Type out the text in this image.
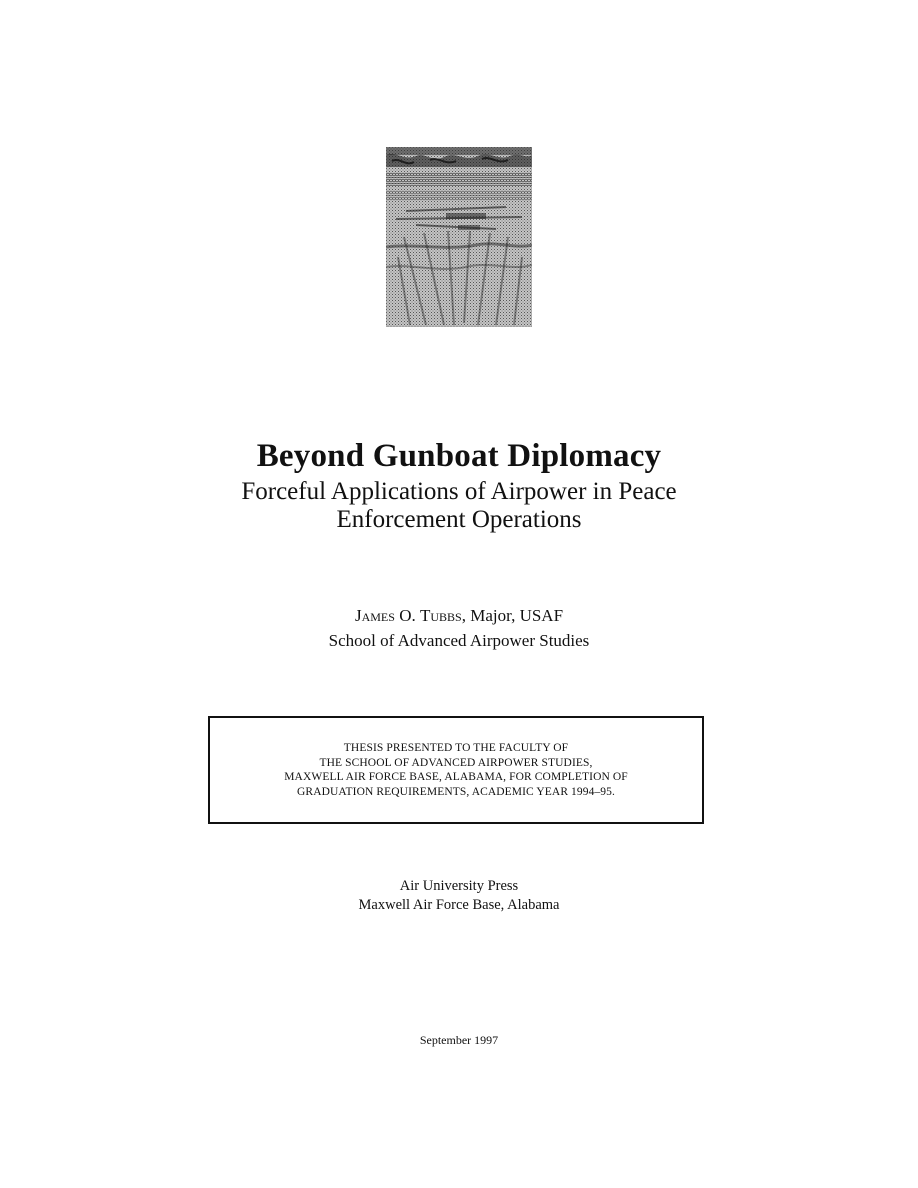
Beyond Gunboat Diplomacy
Forceful Applications of Airpower in Peace
Enforcement Operations
James O. Tubbs, Major, USAF
School of Advanced Airpower Studies
THESIS PRESENTED TO THE FACULTY OF
THE SCHOOL OF ADVANCED AIRPOWER STUDIES,
MAXWELL AIR FORCE BASE, ALABAMA, FOR COMPLETION OF
GRADUATION REQUIREMENTS, ACADEMIC YEAR 1994–95.
Air University Press
Maxwell Air Force Base, Alabama
September 1997
